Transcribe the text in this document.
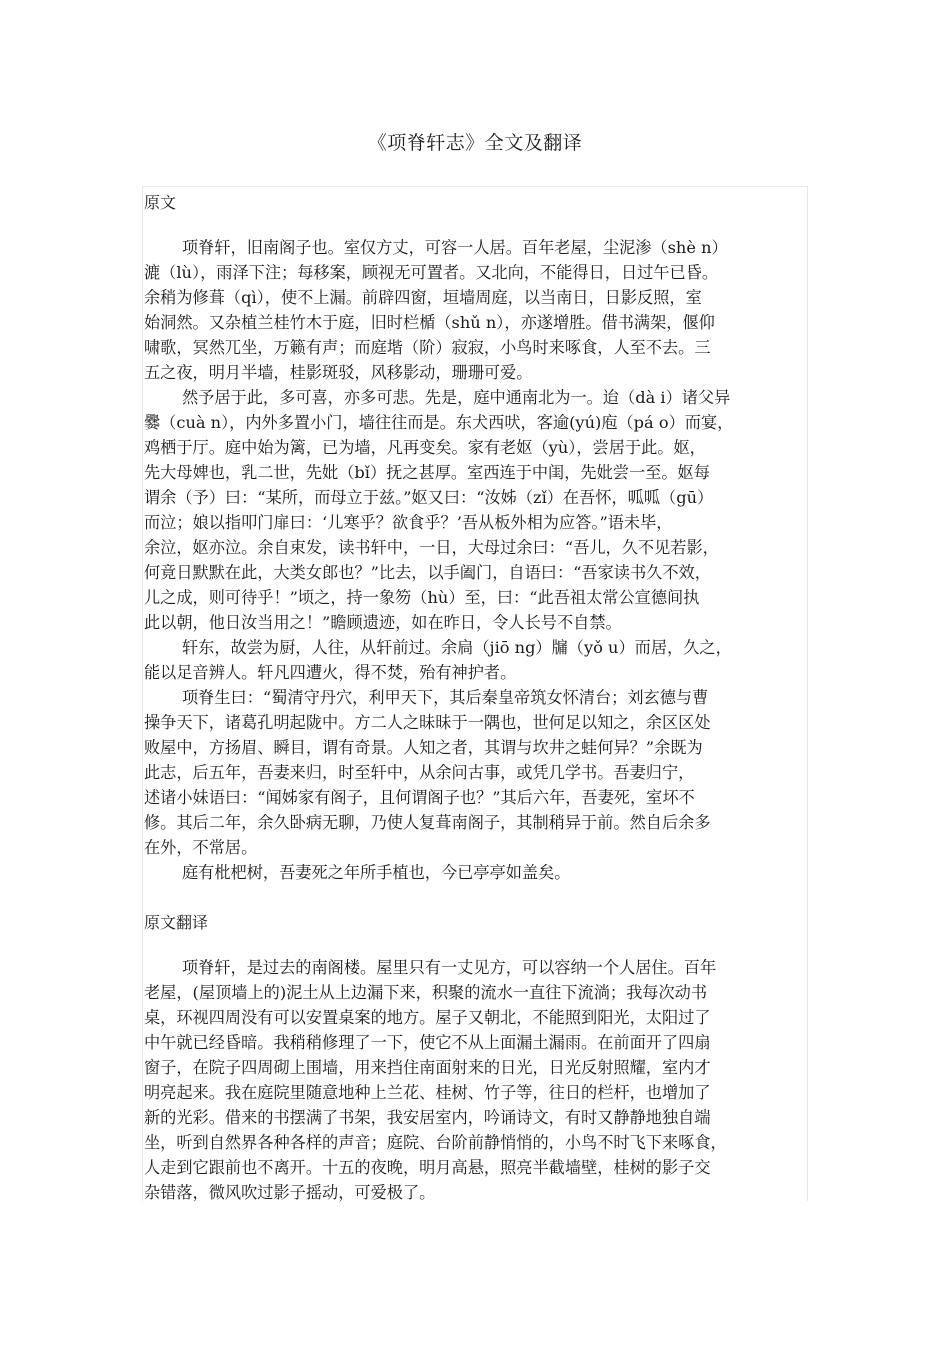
《项脊轩志》全文及翻译
原文
项脊轩，旧南阁子也。室仅方丈，可容一人居。百年老屋，尘泥渗（shè n）
漉（lù），雨泽下注；每移案，顾视无可置者。又北向，不能得日，日过午已昏。
余稍为修葺（qì），使不上漏。前辟四窗，垣墙周庭，以当南日，日影反照，室
始洞然。又杂植兰桂竹木于庭，旧时栏楯（shǔ n），亦遂增胜。借书满架，偃仰
啸歌，冥然兀坐，万籁有声；而庭堦（阶）寂寂，小鸟时来啄食，人至不去。三
五之夜，明月半墙，桂影斑驳，风移影动，珊珊可爱。
然予居于此，多可喜，亦多可悲。先是，庭中通南北为一。迨（dà i）诸父异
爨（cuà n），内外多置小门，墙往往而是。东犬西吠，客逾(yú)庖（pá o）而宴，
鸡栖于厅。庭中始为篱，已为墙，凡再变矣。家有老妪（yù），尝居于此。妪，
先大母婢也，乳二世，先妣（bǐ）抚之甚厚。室西连于中闺，先妣尝一至。妪每
谓余（予）曰：“某所，而母立于兹。”妪又曰：“汝姊（zǐ）在吾怀，呱呱（gū）
而泣；娘以指叩门扉曰：‘儿寒乎？欲食乎？’吾从板外相为应答。”语未毕，
余泣，妪亦泣。余自束发，读书轩中，一日，大母过余曰：“吾儿，久不见若影，
何竟日默默在此，大类女郎也？”比去，以手阖门，自语曰：“吾家读书久不效，
儿之成，则可待乎！”顷之，持一象笏（hù）至，曰：“此吾祖太常公宣德间执
此以朝，他日汝当用之！”瞻顾遗迹，如在昨日，令人长号不自禁。
轩东，故尝为厨，人往，从轩前过。余扃（jiō ng）牖（yǒ u）而居，久之，
能以足音辨人。轩凡四遭火，得不焚，殆有神护者。
项脊生曰：“蜀清守丹穴，利甲天下，其后秦皇帝筑女怀清台；刘玄德与曹
操争天下，诸葛孔明起陇中。方二人之昧昧于一隅也，世何足以知之，余区区处
败屋中，方扬眉、瞬目，谓有奇景。人知之者，其谓与坎井之蛙何异？”余既为
此志，后五年，吾妻来归，时至轩中，从余问古事，或凭几学书。吾妻归宁，
述诸小妹语曰：“闻姊家有阁子，且何谓阁子也？”其后六年，吾妻死，室坏不
修。其后二年，余久卧病无聊，乃使人复葺南阁子，其制稍异于前。然自后余多
在外，不常居。
庭有枇杷树，吾妻死之年所手植也，今已亭亭如盖矣。
原文翻译
项脊轩，是过去的南阁楼。屋里只有一丈见方，可以容纳一个人居住。百年
老屋，(屋顶墙上的)泥土从上边漏下来，积聚的流水一直往下流淌；我每次动书
桌，环视四周没有可以安置桌案的地方。屋子又朝北，不能照到阳光，太阳过了
中午就已经昏暗。我稍稍修理了一下，使它不从上面漏土漏雨。在前面开了四扇
窗子，在院子四周砌上围墙，用来挡住南面射来的日光，日光反射照耀，室内才
明亮起来。我在庭院里随意地种上兰花、桂树、竹子等，往日的栏杆，也增加了
新的光彩。借来的书摆满了书架，我安居室内，吟诵诗文，有时又静静地独自端
坐，听到自然界各种各样的声音；庭院、台阶前静悄悄的，小鸟不时飞下来啄食，
人走到它跟前也不离开。十五的夜晚，明月高悬，照亮半截墙壁，桂树的影子交
杂错落，微风吹过影子摇动，可爱极了。
